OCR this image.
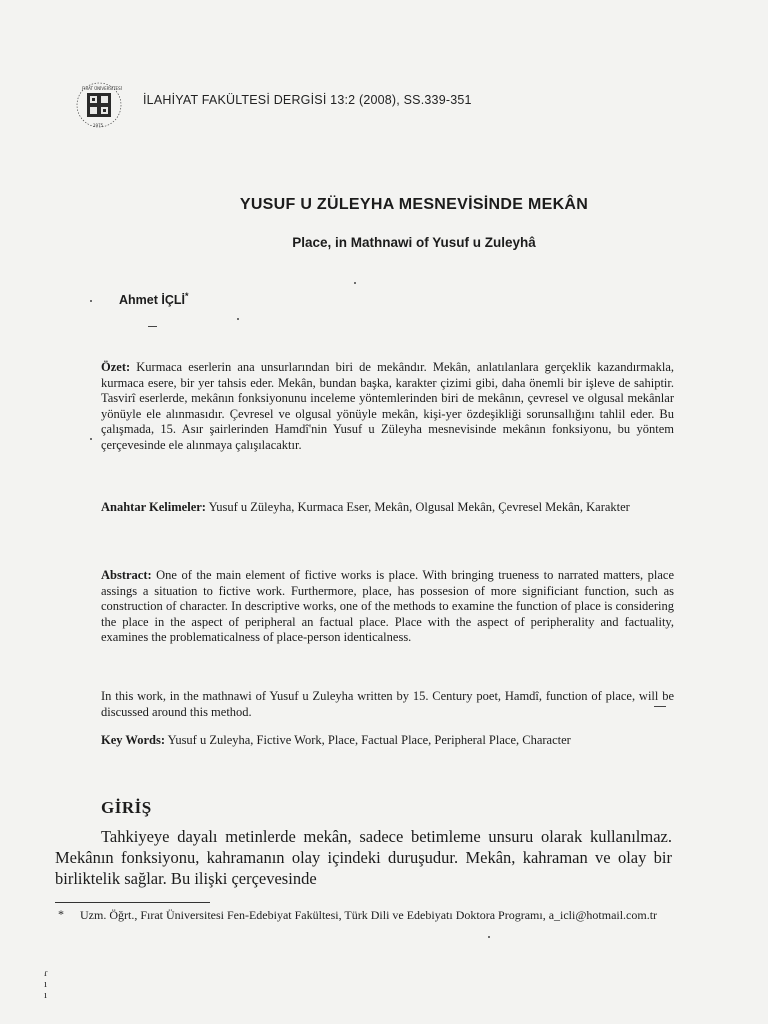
FIRAT ÜNİVERSİTESİ
1975
İLAHİYAT FAKÜLTESİ DERGİSİ 13:2 (2008), SS.339-351
YUSUF U ZÜLEYHA MESNEVİSİNDE MEKÂN
Place, in Mathnawi of Yusuf u Zuleyhâ
Ahmet İÇLİ*

Özet: Kurmaca eserlerin ana unsurlarından biri de mekândır. Mekân, anlatılanlara gerçeklik kazandırmakla, kurmaca esere, bir yer tahsis eder. Mekân, bundan başka, karakter çizimi gibi, daha önemli bir işleve de sahiptir. Tasvirî eserlerde, mekânın fonksiyonunu inceleme yöntemlerinden biri de mekânın, çevresel ve olgusal mekânlar yönüyle ele alınmasıdır. Çevresel ve olgusal yönüyle mekân, kişi-yer özdeşikliği sorunsallığını tahlil eder. Bu çalışmada, 15. Asır şairlerinden Hamdî'nin Yusuf u Züleyha mesnevisinde mekânın fonksiyonu, bu yöntem çerçevesinde ele alınmaya çalışılacaktır.

Anahtar Kelimeler: Yusuf u Züleyha, Kurmaca Eser, Mekân, Olgusal Mekân, Çevresel Mekân, Karakter

Abstract: One of the main element of fictive works is place. With bringing trueness to narrated matters, place assings a situation to fictive work. Furthermore, place, has possesion of more significiant function, such as construction of character. In descriptive works, one of the methods to examine the function of place is considering the place in the aspect of peripheral an factual place. Place with the aspect of peripherality and factuality, examines the problematicalness of place-person identicalness.

In this work, in the mathnawi of Yusuf u Zuleyha written by 15. Century poet, Hamdî, function of place, will be discussed around this method.

Key Words: Yusuf u Zuleyha, Fictive Work, Place, Factual Place, Peripheral Place, Character

GİRİŞ

Tahkiyeye dayalı metinlerde mekân, sadece betimleme unsuru olarak kullanılmaz. Mekânın fonksiyonu, kahramanın olay içindeki duruşudur. Mekân, kahraman ve olay bir birliktelik sağlar. Bu ilişki çerçevesinde

* Uzm. Öğrt., Fırat Üniversitesi Fen-Edebiyat Fakültesi, Türk Dili ve Edebiyatı Doktora Programı, a_icli@hotmail.com.tr
ɾ
ı
ı
